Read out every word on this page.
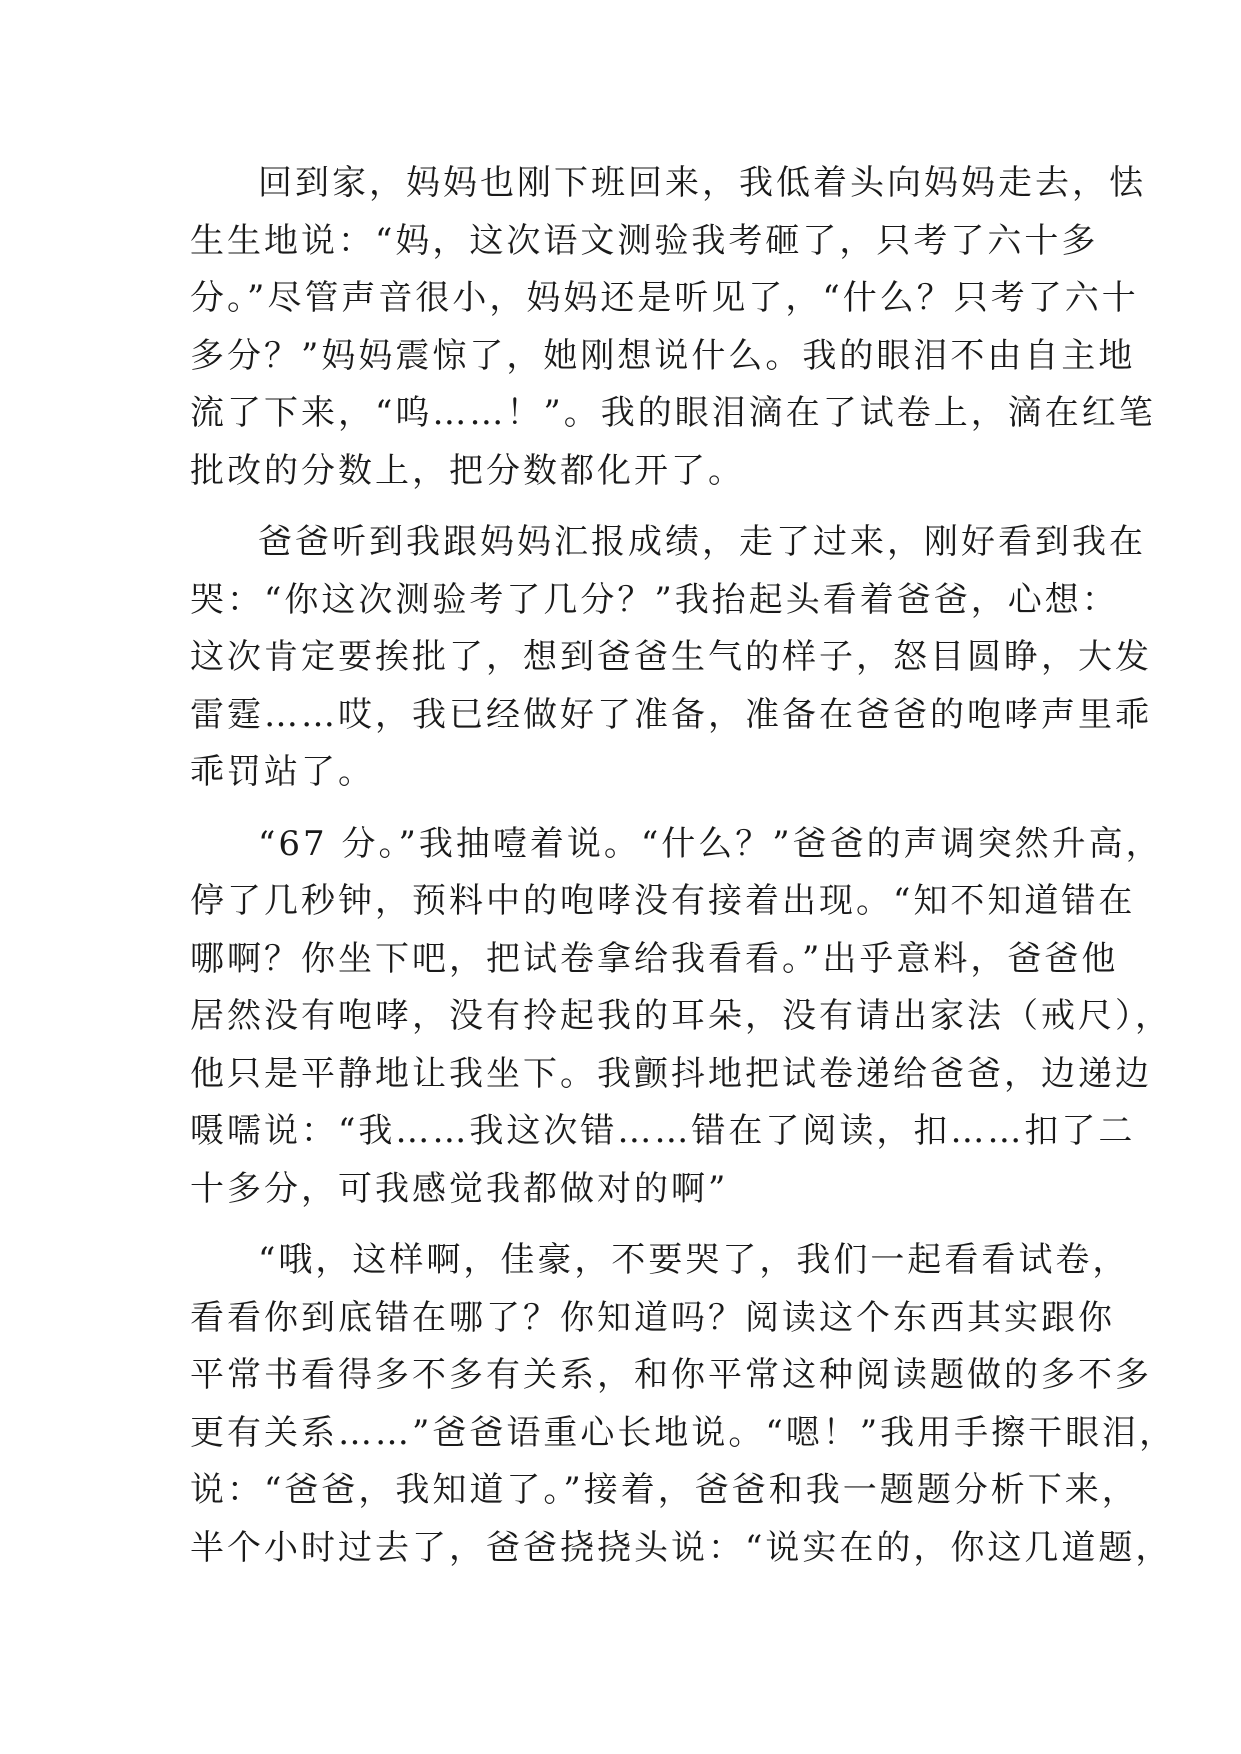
回到家，妈妈也刚下班回来，我低着头向妈妈走去，怯
生生地说：“妈，这次语文测验我考砸了，只考了六十多
分。”尽管声音很小，妈妈还是听见了，“什么？只考了六十
多分？”妈妈震惊了，她刚想说什么。我的眼泪不由自主地
流了下来，“呜……！”。我的眼泪滴在了试卷上，滴在红笔
批改的分数上，把分数都化开了。
爸爸听到我跟妈妈汇报成绩，走了过来，刚好看到我在
哭：“你这次测验考了几分？”我抬起头看着爸爸，心想：
这次肯定要挨批了，想到爸爸生气的样子，怒目圆睁，大发
雷霆……哎，我已经做好了准备，准备在爸爸的咆哮声里乖
乖罚站了。
“67 分。”我抽噎着说。“什么？”爸爸的声调突然升高，
停了几秒钟，预料中的咆哮没有接着出现。“知不知道错在
哪啊？你坐下吧，把试卷拿给我看看。”出乎意料，爸爸他
居然没有咆哮，没有拎起我的耳朵，没有请出家法（戒尺），
他只是平静地让我坐下。我颤抖地把试卷递给爸爸，边递边
嗫嚅说：“我……我这次错……错在了阅读，扣……扣了二
十多分，可我感觉我都做对的啊”
“哦，这样啊，佳豪，不要哭了，我们一起看看试卷，
看看你到底错在哪了？你知道吗？阅读这个东西其实跟你
平常书看得多不多有关系，和你平常这种阅读题做的多不多
更有关系……”爸爸语重心长地说。“嗯！”我用手擦干眼泪，
说：“爸爸，我知道了。”接着，爸爸和我一题题分析下来，
半个小时过去了，爸爸挠挠头说：“说实在的，你这几道题，
